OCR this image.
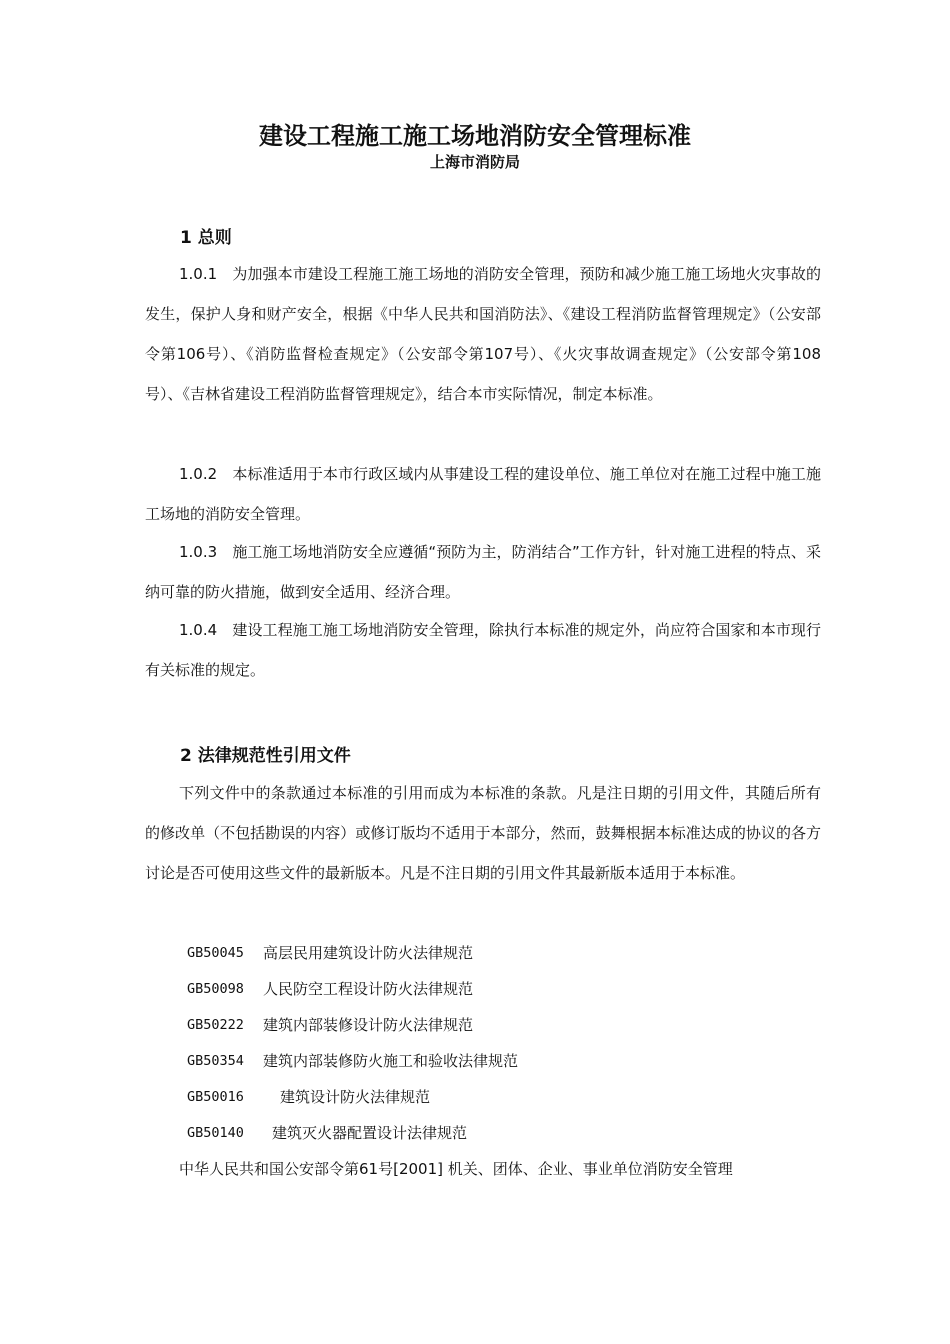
建设工程施工施工场地消防安全管理标准
上海市消防局
1 总则

1.0.1　为加强本市建设工程施工施工场地的消防安全管理，预防和减少施工施工场地火灾事故的发生，保护人身和财产安全，根据《中华人民共和国消防法》、《建设工程消防监督管理规定》（公安部令第106号）、《消防监督检查规定》（公安部令第107号）、《火灾事故调查规定》（公安部令第108号）、《吉林省建设工程消防监督管理规定》，结合本市实际情况，制定本标准。

1.0.2　本标准适用于本市行政区域内从事建设工程的建设单位、施工单位对在施工过程中施工施工场地的消防安全管理。

1.0.3　施工施工场地消防安全应遵循“预防为主，防消结合”工作方针，针对施工进程的特点、采纳可靠的防火措施，做到安全适用、经济合理。

1.0.4　建设工程施工施工场地消防安全管理，除执行本标准的规定外，尚应符合国家和本市现行有关标准的规定。

2 法律规范性引用文件

下列文件中的条款通过本标准的引用而成为本标准的条款。凡是注日期的引用文件，其随后所有的修改单（不包括勘误的内容）或修订版均不适用于本部分，然而，鼓舞根据本标准达成的协议的各方讨论是否可使用这些文件的最新版本。凡是不注日期的引用文件其最新版本适用于本标准。

GB50045	高层民用建筑设计防火法律规范
GB50098	人民防空工程设计防火法律规范
GB50222	建筑内部装修设计防火法律规范
GB50354	建筑内部装修防火施工和验收法律规范
GB50016	建筑设计防火法律规范
GB50140	建筑灭火器配置设计法律规范
中华人民共和国公安部令第61号[2001] 机关、团体、企业、事业单位消防安全管理
